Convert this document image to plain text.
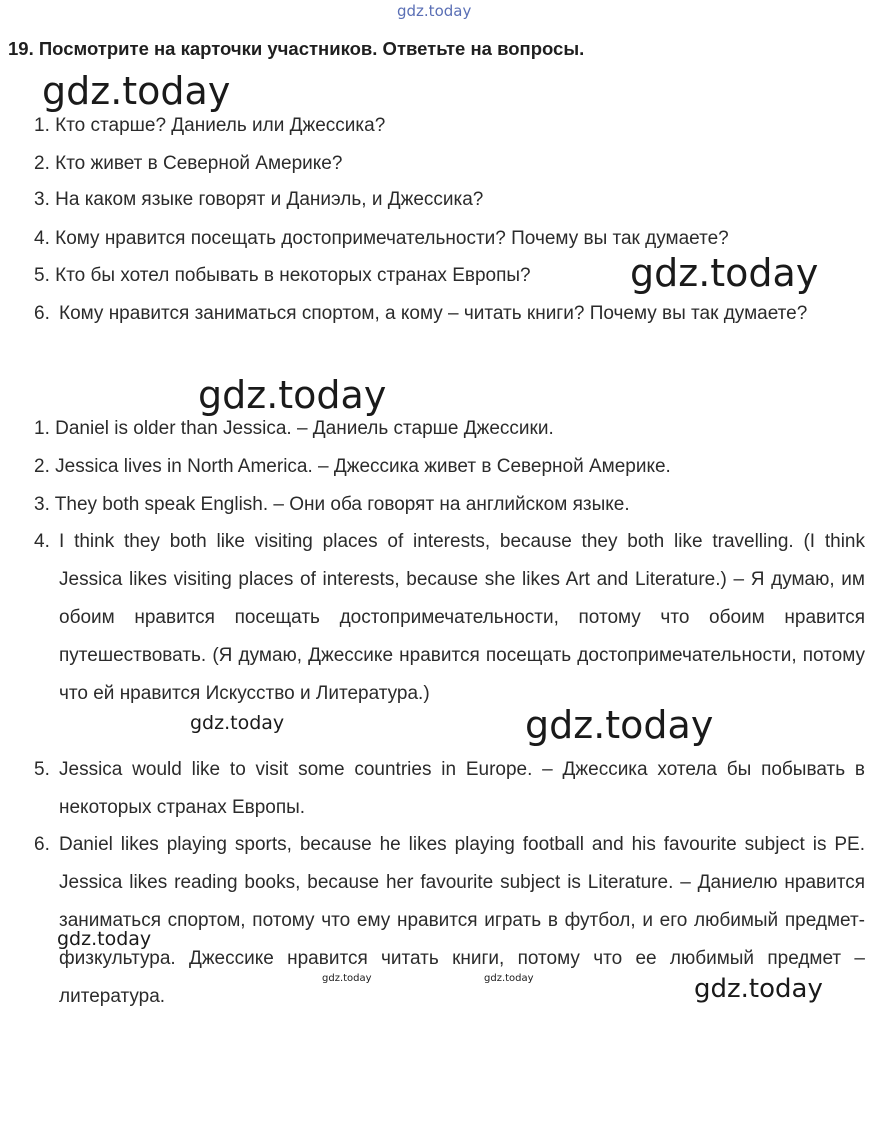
gdz.today
gdz.today
gdz.today
gdz.today
gdz.today
gdz.today
gdz.today
gdz.today
gdz.today	gdz.today
19. Посмотрите на карточки участников. Ответьте на вопросы.
1. Кто старше? Даниель или Джессика?
2. Кто живет в Северной Америке?
3. На каком языке говорят и Даниэль, и Джессика?
4. Кому нравится посещать достопримечательности? Почему вы так думаете?
5. Кто бы хотел побывать в некоторых странах Европы?
6. Кому нравится заниматься спортом, а кому – читать книги? Почему вы так думаете?
1. Daniel is older than Jessica. – Даниель старше Джессики.
2. Jessica lives in North America. – Джессика живет в Северной Америке.
3. They both speak English. – Они оба говорят на английском языке.
4. I think they both like visiting places of interests, because they both like travelling. (I think Jessica likes visiting places of interests, because she likes Art and Literature.) – Я думаю, им обоим нравится посещать достопримечательности, потому что обоим нравится путешествовать. (Я думаю, Джессике нравится посещать достопримечательности, потому что ей нравится Искусство и Литература.)
5. Jessica would like to visit some countries in Europe. – Джессика хотела бы побывать в некоторых странах Европы.
6. Daniel likes playing sports, because he likes playing football and his favourite subject is PE. Jessica likes reading books, because her favourite subject is Literature. – Даниелю нравится заниматься спортом, потому что ему нравится играть в футбол, и его любимый предмет- физкультура. Джессике нравится читать книги, потому что ее любимый предмет – литература.
